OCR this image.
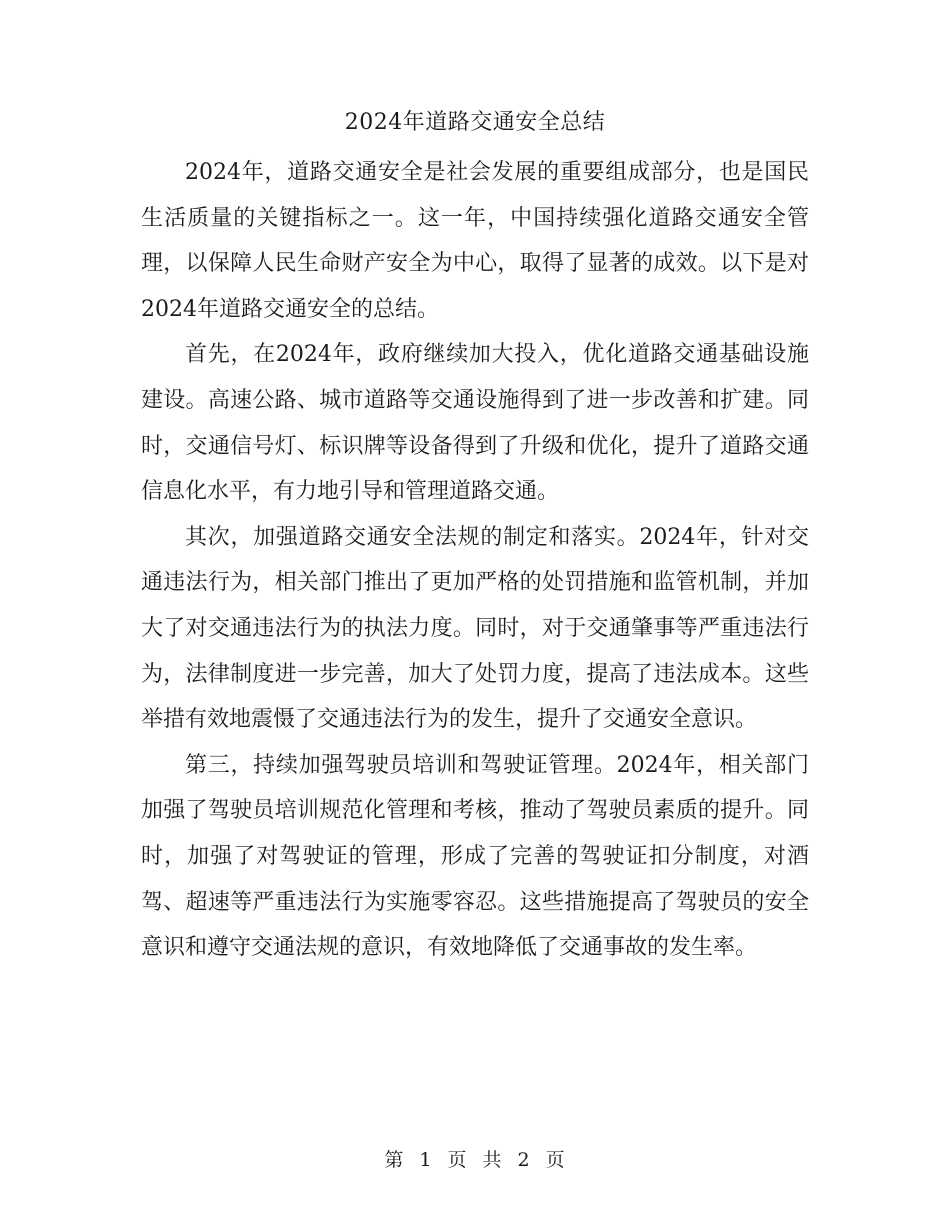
2024年道路交通安全总结

2024年，道路交通安全是社会发展的重要组成部分，也是国民生活质量的关键指标之一。这一年，中国持续强化道路交通安全管理，以保障人民生命财产安全为中心，取得了显著的成效。以下是对2024年道路交通安全的总结。

首先，在2024年，政府继续加大投入，优化道路交通基础设施建设。高速公路、城市道路等交通设施得到了进一步改善和扩建。同时，交通信号灯、标识牌等设备得到了升级和优化，提升了道路交通信息化水平，有力地引导和管理道路交通。

其次，加强道路交通安全法规的制定和落实。2024年，针对交通违法行为，相关部门推出了更加严格的处罚措施和监管机制，并加大了对交通违法行为的执法力度。同时，对于交通肇事等严重违法行为，法律制度进一步完善，加大了处罚力度，提高了违法成本。这些举措有效地震慑了交通违法行为的发生，提升了交通安全意识。

第三，持续加强驾驶员培训和驾驶证管理。2024年，相关部门加强了驾驶员培训规范化管理和考核，推动了驾驶员素质的提升。同时，加强了对驾驶证的管理，形成了完善的驾驶证扣分制度，对酒驾、超速等严重违法行为实施零容忍。这些措施提高了驾驶员的安全意识和遵守交通法规的意识，有效地降低了交通事故的发生率。

第 1 页 共 2 页
